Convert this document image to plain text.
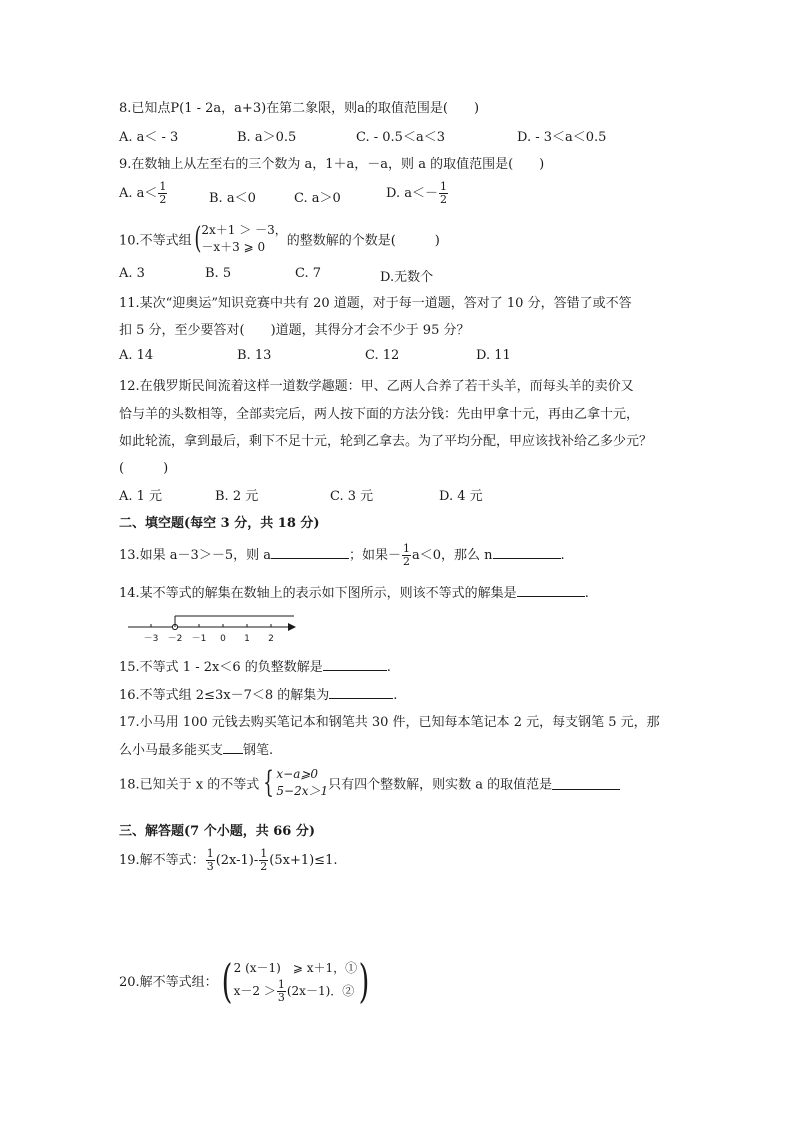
8.已知点P(1 - 2a，a+3)在第二象限，则a的取值范围是(　　)
A. a＜ - 3	B. a＞0.5	C. - 0.5＜a＜3	D. - 3＜a＜0.5
9.在数轴上从左至右的三个数为 a，1＋a，－a，则 a 的取值范围是(　　)
A. $a< \frac{1}{2}$	B. a＜0	C. a＞0	D. $a<- \frac{1}{2}$
10.不等式组( 2x＋1 ＞ －3，
－x＋3 ⩾ 0	的整数解的个数是(　　　)
A. 3	B. 5	C. 7	D.无数个
11.某次“迎奥运”知识竞赛中共有 20 道题，对于每一道题，答对了 10 分，答错了或不答
扣 5 分，至少要答对(　　)道题，其得分才会不少于 95 分？
A. 14	B. 13	C. 12	D. 11
12.在俄罗斯民间流着这样一道数学趣题：甲、乙两人合养了若干头羊，而每头羊的卖价又
恰与羊的头数相等，全部卖完后，两人按下面的方法分钱：先由甲拿十元，再由乙拿十元，
如此轮流，拿到最后，剩下不足十元，轮到乙拿去。为了平均分配，甲应该找补给乙多少元？
(　　　)
A. 1 元	B. 2 元	C. 3 元	D. 4 元
二、填空题(每空 3 分，共 18 分)
13.如果 a－3＞－5，则 a	；如果－ $\frac{1}{2} a<0$，那么 n	.
14.某不等式的解集在数轴上的表示如下图所示，则该不等式的解集是	.
－3 －2 －1 0 1 2
15.不等式 1 - 2x＜6 的负整数解是	.
16.不等式组 2≤3x－7＜8 的解集为	.
17.小马用 100 元钱去购买笔记本和钢笔共 30 件，已知每本笔记本 2 元，每支钢笔 5 元，那
么小马最多能买支 钢笔.
18.已知关于 x 的不等式 { x−a⩾0
5−2x＞1 只有四个整数解，则实数 a 的取值范是
三、解答题(7 个小题，共 66 分)
19.解不等式： $\frac{1}{3} (2x-1)- \frac{1}{2} (5x+1)\le 1$.
20.解不等式组：( 2 (x－1)　⩾ x＋1，①
$x-2 > \frac{1}{3} (2x-1)$．② )
